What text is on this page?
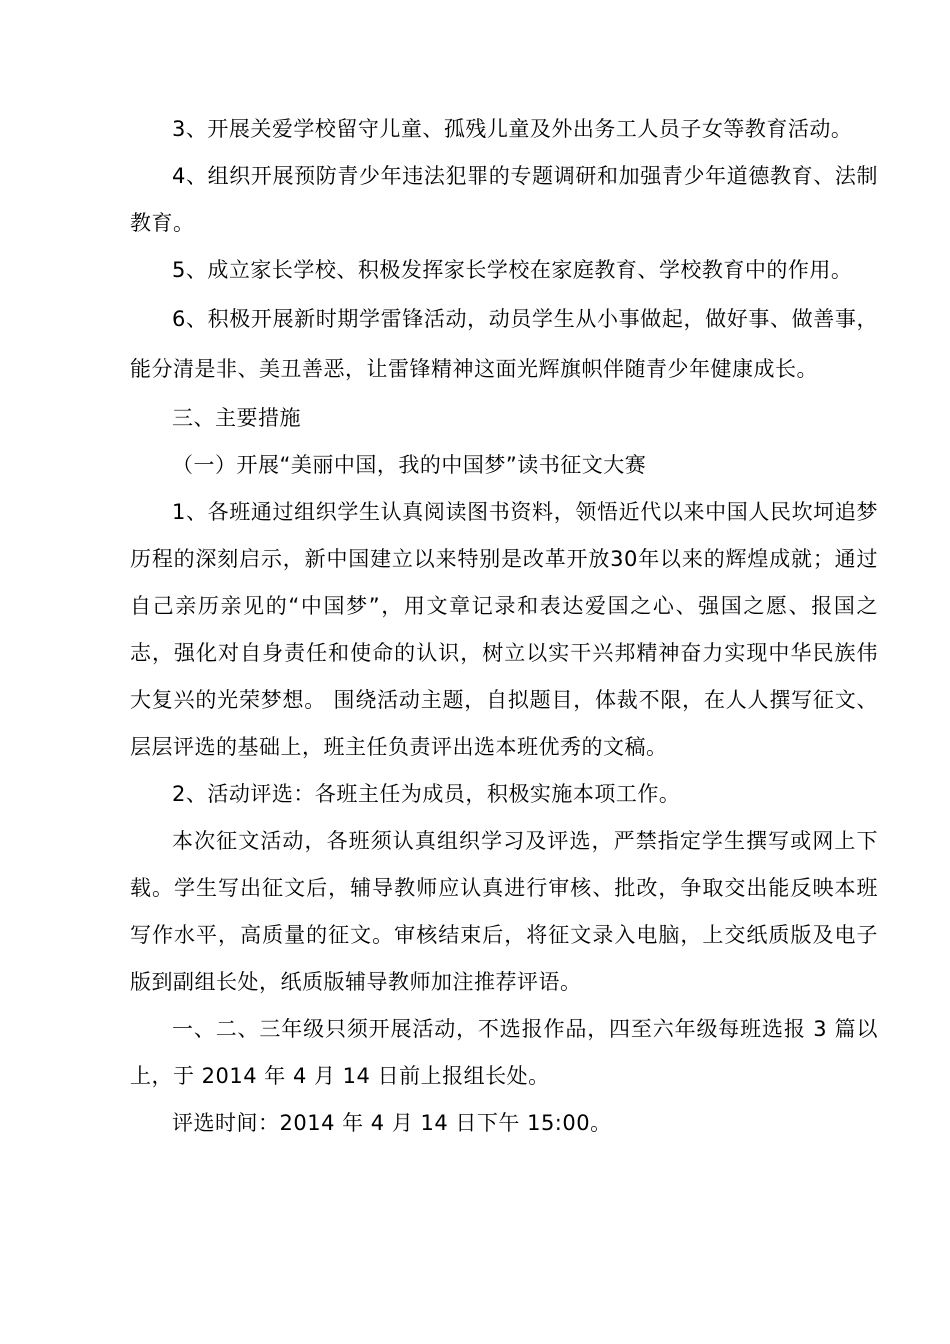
3、开展关爱学校留守儿童、孤残儿童及外出务工人员子女等教育活动。

4、组织开展预防青少年违法犯罪的专题调研和加强青少年道德教育、法制教育。

5、成立家长学校、积极发挥家长学校在家庭教育、学校教育中的作用。

6、积极开展新时期学雷锋活动，动员学生从小事做起，做好事、做善事，能分清是非、美丑善恶，让雷锋精神这面光辉旗帜伴随青少年健康成长。

三、主要措施

（一）开展“美丽中国，我的中国梦”读书征文大赛

1、各班通过组织学生认真阅读图书资料，领悟近代以来中国人民坎坷追梦历程的深刻启示，新中国建立以来特别是改革开放30年以来的辉煌成就；通过自己亲历亲见的“中国梦”，用文章记录和表达爱国之心、强国之愿、报国之志，强化对自身责任和使命的认识，树立以实干兴邦精神奋力实现中华民族伟大复兴的光荣梦想。 围绕活动主题，自拟题目，体裁不限，在人人撰写征文、层层评选的基础上，班主任负责评出选本班优秀的文稿。

2、活动评选：各班主任为成员，积极实施本项工作。

本次征文活动，各班须认真组织学习及评选，严禁指定学生撰写或网上下载。学生写出征文后，辅导教师应认真进行审核、批改，争取交出能反映本班写作水平，高质量的征文。审核结束后，将征文录入电脑，上交纸质版及电子版到副组长处，纸质版辅导教师加注推荐评语。

一、二、三年级只须开展活动，不选报作品，四至六年级每班选报 3 篇以上，于 2014 年 4 月 14 日前上报组长处。

评选时间：2014 年 4 月 14 日下午 15:00。
